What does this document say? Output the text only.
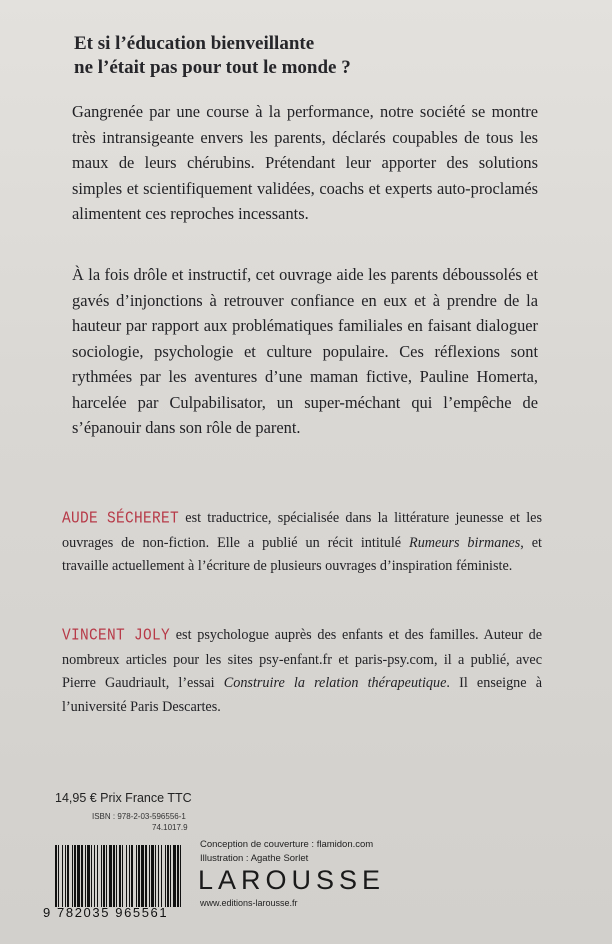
Et si l’éducation bienveillante

ne l’était pas pour tout le monde ?

Gangrenée par une course à la performance, notre société se montre très intransigeante envers les parents, déclarés coupables de tous les maux de leurs chérubins. Prétendant leur apporter des solutions simples et scientifiquement validées, coachs et experts auto-proclamés alimentent ces reproches incessants.

À la fois drôle et instructif, cet ouvrage aide les parents déboussolés et gavés d’injonctions à retrouver confiance en eux et à prendre de la hauteur par rapport aux problématiques familiales en faisant dialoguer sociologie, psychologie et culture populaire. Ces réflexions sont rythmées par les aventures d’une maman fictive, Pauline Homerta, harcelée par Culpabilisator, un super-méchant qui l’empêche de s’épanouir dans son rôle de parent.

AUDE SÉCHERET est traductrice, spécialisée dans la littérature jeunesse et les ouvrages de non-fiction. Elle a publié un récit intitulé Rumeurs birmanes, et travaille actuellement à l’écriture de plusieurs ouvrages d’inspiration féministe.

VINCENT JOLY est psychologue auprès des enfants et des familles. Auteur de nombreux articles pour les sites psy-enfant.fr et paris-psy.com, il a publié, avec Pierre Gaudriault, l’essai Construire la relation thérapeutique. Il enseigne à l’université Paris Descartes.

14,95 € Prix France TTC
ISBN : 978-2-03-596556-1
74.1017.9
9 782035 965561
Conception de couverture : flamidon.com
Illustration : Agathe Sorlet
LAROUSSE
www.editions-larousse.fr
